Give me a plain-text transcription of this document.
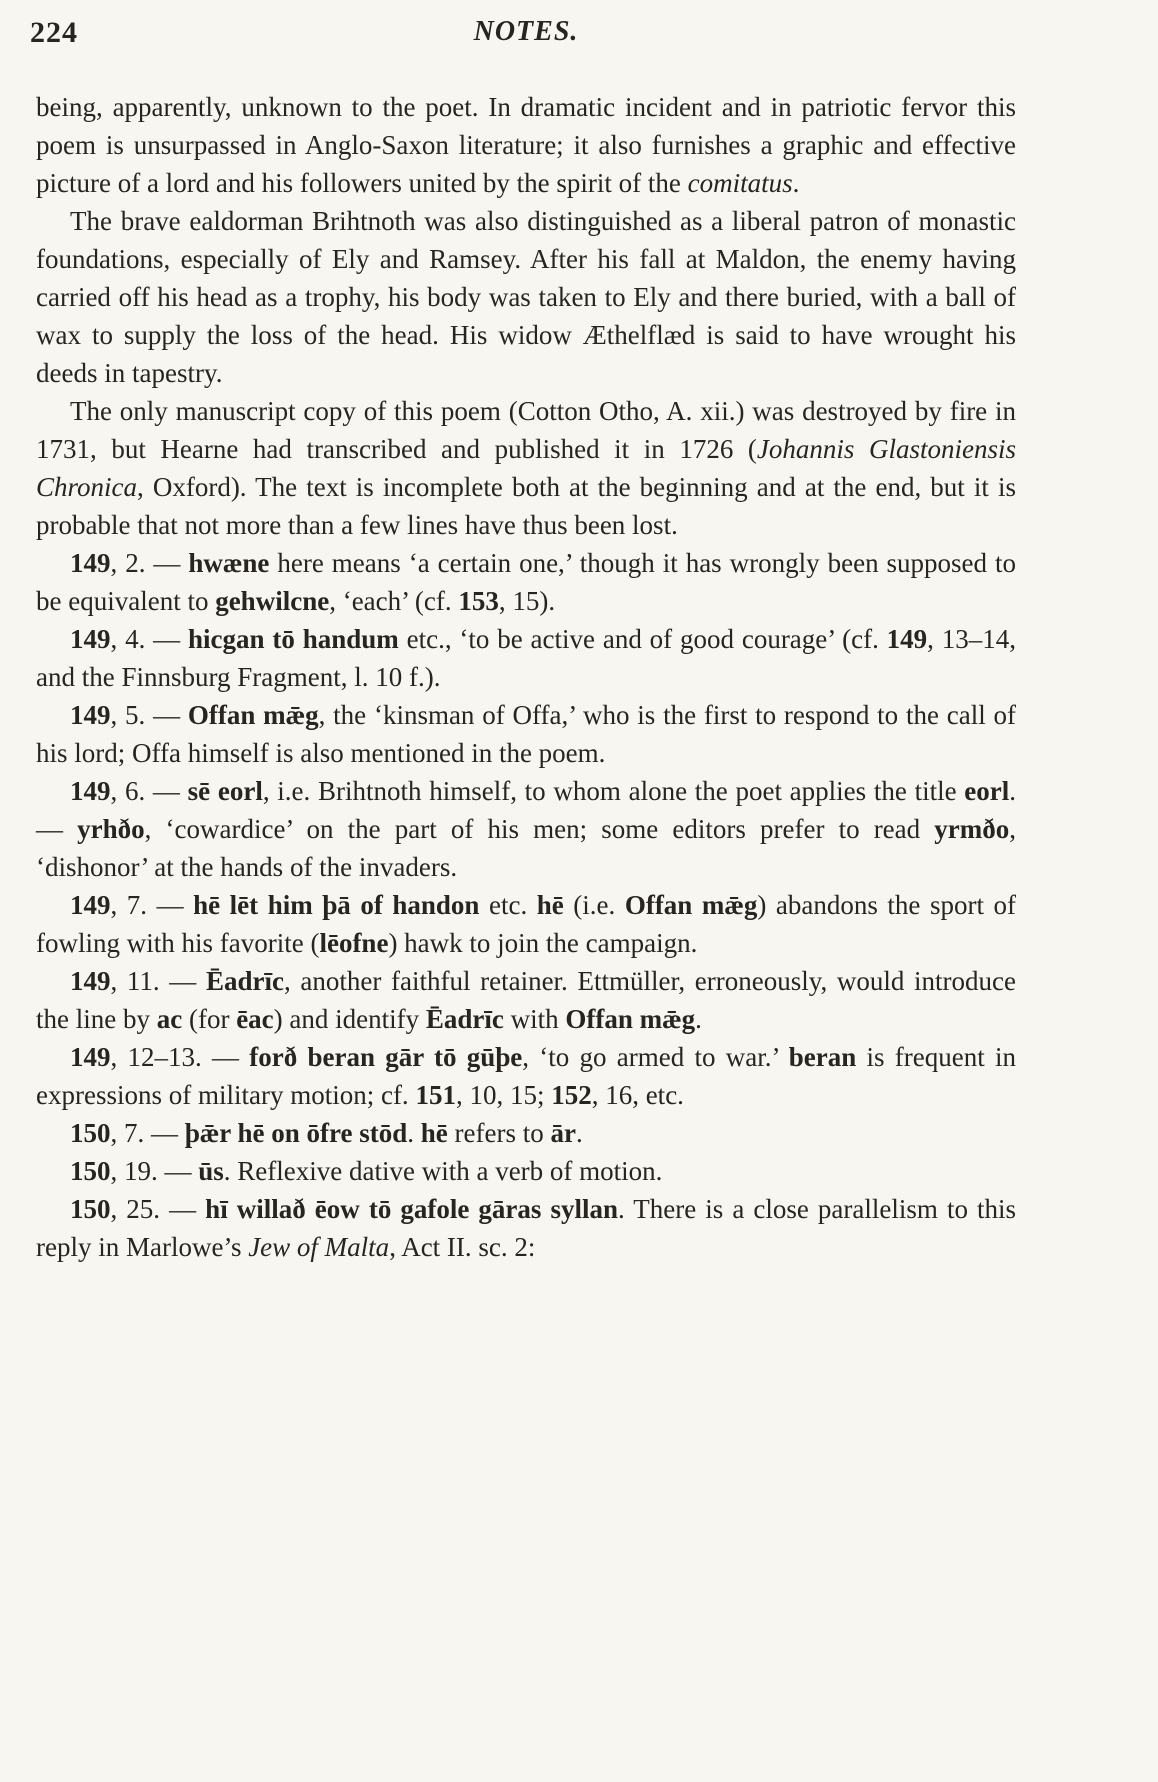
224	NOTES.

being, apparently, unknown to the poet. In dramatic incident and in patriotic fervor this poem is unsurpassed in Anglo-Saxon literature; it also furnishes a graphic and effective picture of a lord and his followers united by the spirit of the comitatus.

The brave ealdorman Brihtnoth was also distinguished as a liberal patron of monastic foundations, especially of Ely and Ramsey. After his fall at Maldon, the enemy having carried off his head as a trophy, his body was taken to Ely and there buried, with a ball of wax to supply the loss of the head. His widow Æthelflæd is said to have wrought his deeds in tapestry.

The only manuscript copy of this poem (Cotton Otho, A. xii.) was destroyed by fire in 1731, but Hearne had transcribed and published it in 1726 (Johannis Glastoniensis Chronica, Oxford). The text is incomplete both at the beginning and at the end, but it is probable that not more than a few lines have thus been lost.

149, 2. — hwæne here means ‘a certain one,’ though it has wrongly been supposed to be equivalent to gehwilcne, ‘each’ (cf. 153, 15).

149, 4. — hicgan tō handum etc., ‘to be active and of good courage’ (cf. 149, 13–14, and the Finnsburg Fragment, l. 10 f.).

149, 5. — Offan mǣg, the ‘kinsman of Offa,’ who is the first to respond to the call of his lord; Offa himself is also mentioned in the poem.

149, 6. — sē eorl, i.e. Brihtnoth himself, to whom alone the poet applies the title eorl. — yrhðo, ‘cowardice’ on the part of his men; some editors prefer to read yrmðo, ‘dishonor’ at the hands of the invaders.

149, 7. — hē lēt him þā of handon etc. hē (i.e. Offan mǣg) abandons the sport of fowling with his favorite (lēofne) hawk to join the campaign.

149, 11. — Ēadrīc, another faithful retainer. Ettmüller, erroneously, would introduce the line by ac (for ēac) and identify Ēadrīc with Offan mǣg.

149, 12–13. — forð beran gār tō gūþe, ‘to go armed to war.’ beran is frequent in expressions of military motion; cf. 151, 10, 15; 152, 16, etc.

150, 7. — þǣr hē on ōfre stōd. hē refers to ār.

150, 19. — ūs. Reflexive dative with a verb of motion.

150, 25. — hī willað ēow tō gafole gāras syllan. There is a close parallelism to this reply in Marlowe’s Jew of Malta, Act II. sc. 2:
